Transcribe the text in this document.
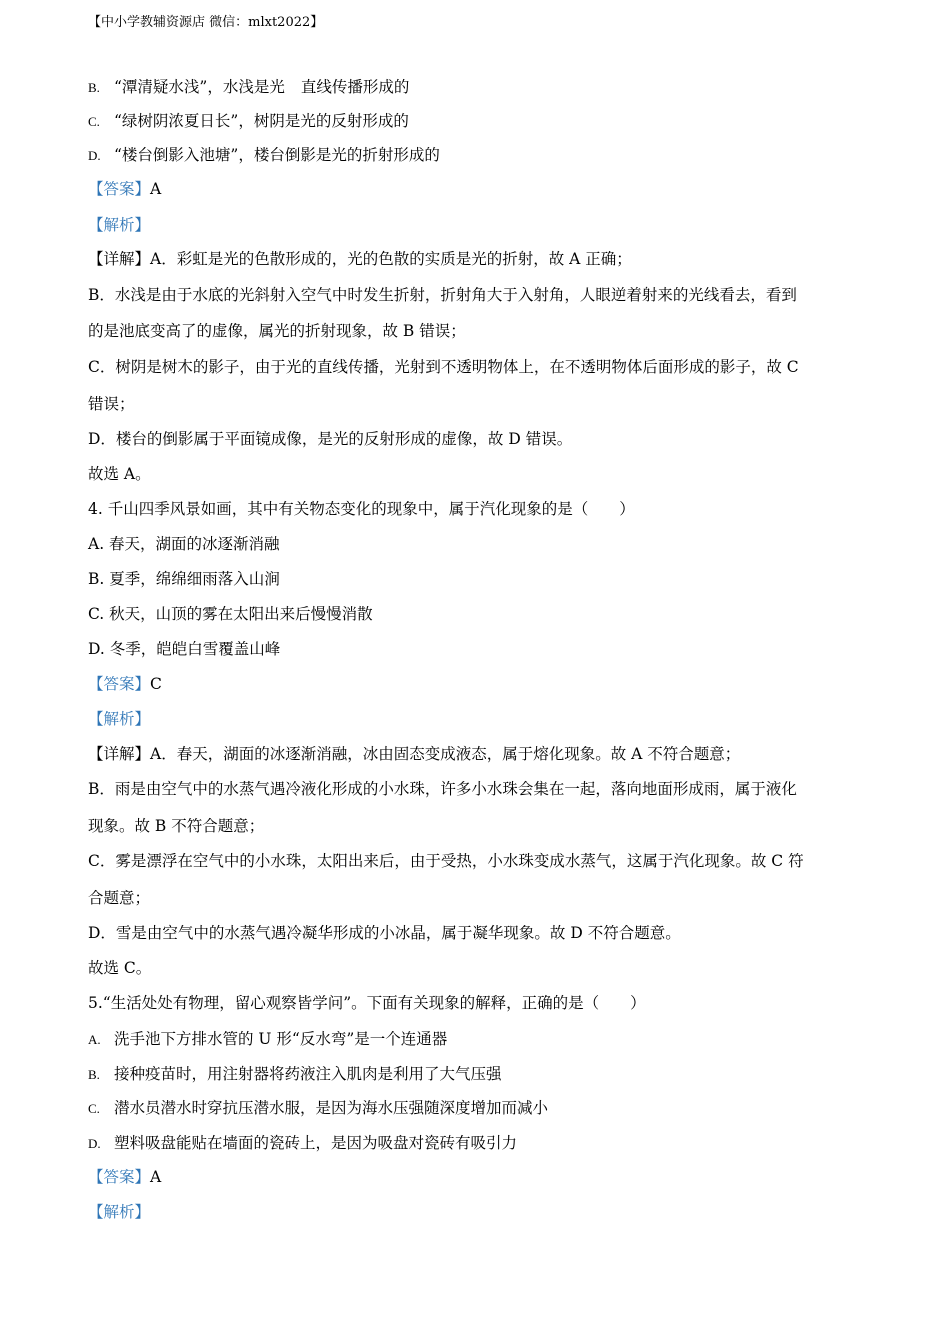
【中小学教辅资源店 微信：mlxt2022】
B. “潭清疑水浅”，水浅是光 直线传播形成的
C. “绿树阴浓夏日长”，树阴是光的反射形成的
D. “楼台倒影入池塘”，楼台倒影是光的折射形成的
【答案】A
【解析】
【详解】A．彩虹是光的色散形成的，光的色散的实质是光的折射，故 A 正确；
B．水浅是由于水底的光斜射入空气中时发生折射，折射角大于入射角，人眼逆着射来的光线看去，看到
的是池底变高了的虚像，属光的折射现象，故 B 错误；
C．树阴是树木的影子，由于光的直线传播，光射到不透明物体上，在不透明物体后面形成的影子，故 C
错误；
D．楼台的倒影属于平面镜成像，是光的反射形成的虚像，故 D 错误。
故选 A。
4. 千山四季风景如画，其中有关物态变化的现象中，属于汽化现象的是（　　）
A. 春天，湖面的冰逐渐消融
B. 夏季，绵绵细雨落入山涧
C. 秋天，山顶的雾在太阳出来后慢慢消散
D. 冬季，皑皑白雪覆盖山峰
【答案】C
【解析】
【详解】A．春天，湖面的冰逐渐消融，冰由固态变成液态，属于熔化现象。故 A 不符合题意；
B．雨是由空气中的水蒸气遇冷液化形成的小水珠，许多小水珠会集在一起，落向地面形成雨，属于液化
现象。故 B 不符合题意；
C．雾是漂浮在空气中的小水珠，太阳出来后，由于受热，小水珠变成水蒸气，这属于汽化现象。故 C 符
合题意；
D．雪是由空气中的水蒸气遇冷凝华形成的小冰晶，属于凝华现象。故 D 不符合题意。
故选 C。
5.“生活处处有物理，留心观察皆学问”。下面有关现象的解释，正确的是（　　）
A. 洗手池下方排水管的 U 形“反水弯”是一个连通器
B. 接种疫苗时，用注射器将药液注入肌肉是利用了大气压强
C. 潜水员潜水时穿抗压潜水服，是因为海水压强随深度增加而减小
D. 塑料吸盘能贴在墙面的瓷砖上，是因为吸盘对瓷砖有吸引力
【答案】A
【解析】
